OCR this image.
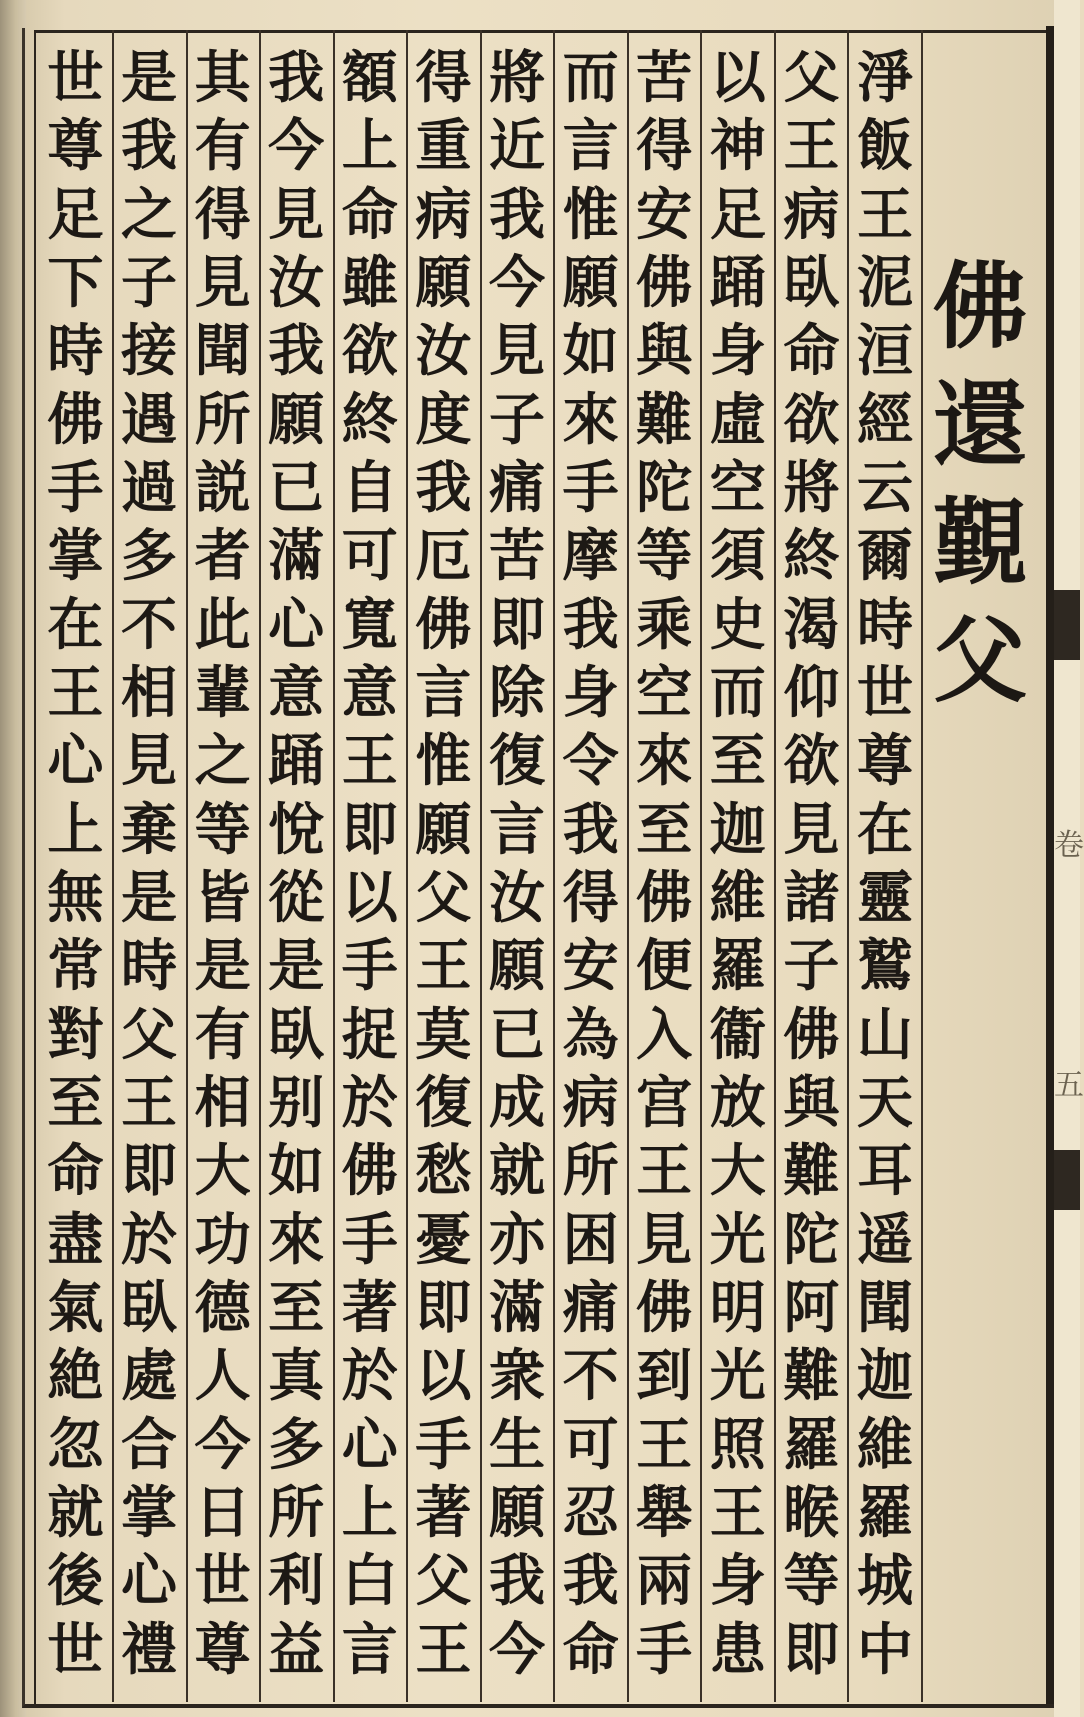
佛
還
覲
父
淨
飯
王
泥
洹
經
云
爾
時
世
尊
在
靈
鷲
山
天
耳
遥
聞
迦
維
羅
城
中
父
王
病
臥
命
欲
將
終
渴
仰
欲
見
諸
子
佛
與
難
陀
阿
難
羅
睺
等
即
以
神
足
踊
身
虛
空
須
史
而
至
迦
維
羅
衞
放
大
光
明
光
照
王
身
患
苦
得
安
佛
與
難
陀
等
乘
空
來
至
佛
便
入
宫
王
見
佛
到
王
舉
兩
手
而
言
惟
願
如
來
手
摩
我
身
令
我
得
安
為
病
所
困
痛
不
可
忍
我
命
將
近
我
今
見
子
痛
苦
即
除
復
言
汝
願
已
成
就
亦
滿
衆
生
願
我
今
得
重
病
願
汝
度
我
厄
佛
言
惟
願
父
王
莫
復
愁
憂
即
以
手
著
父
王
額
上
命
雖
欲
終
自
可
寬
意
王
即
以
手
捉
於
佛
手
著
於
心
上
白
言
我
今
見
汝
我
願
已
滿
心
意
踊
悅
從
是
臥
别
如
來
至
真
多
所
利
益
其
有
得
見
聞
所
説
者
此
輩
之
等
皆
是
有
相
大
功
德
人
今
日
世
尊
是
我
之
子
接
遇
過
多
不
相
見
棄
是
時
父
王
即
於
臥
處
合
掌
心
禮
世
尊
足
下
時
佛
手
掌
在
王
心
上
無
常
對
至
命
盡
氣
絶
忽
就
後
世
卷
五
